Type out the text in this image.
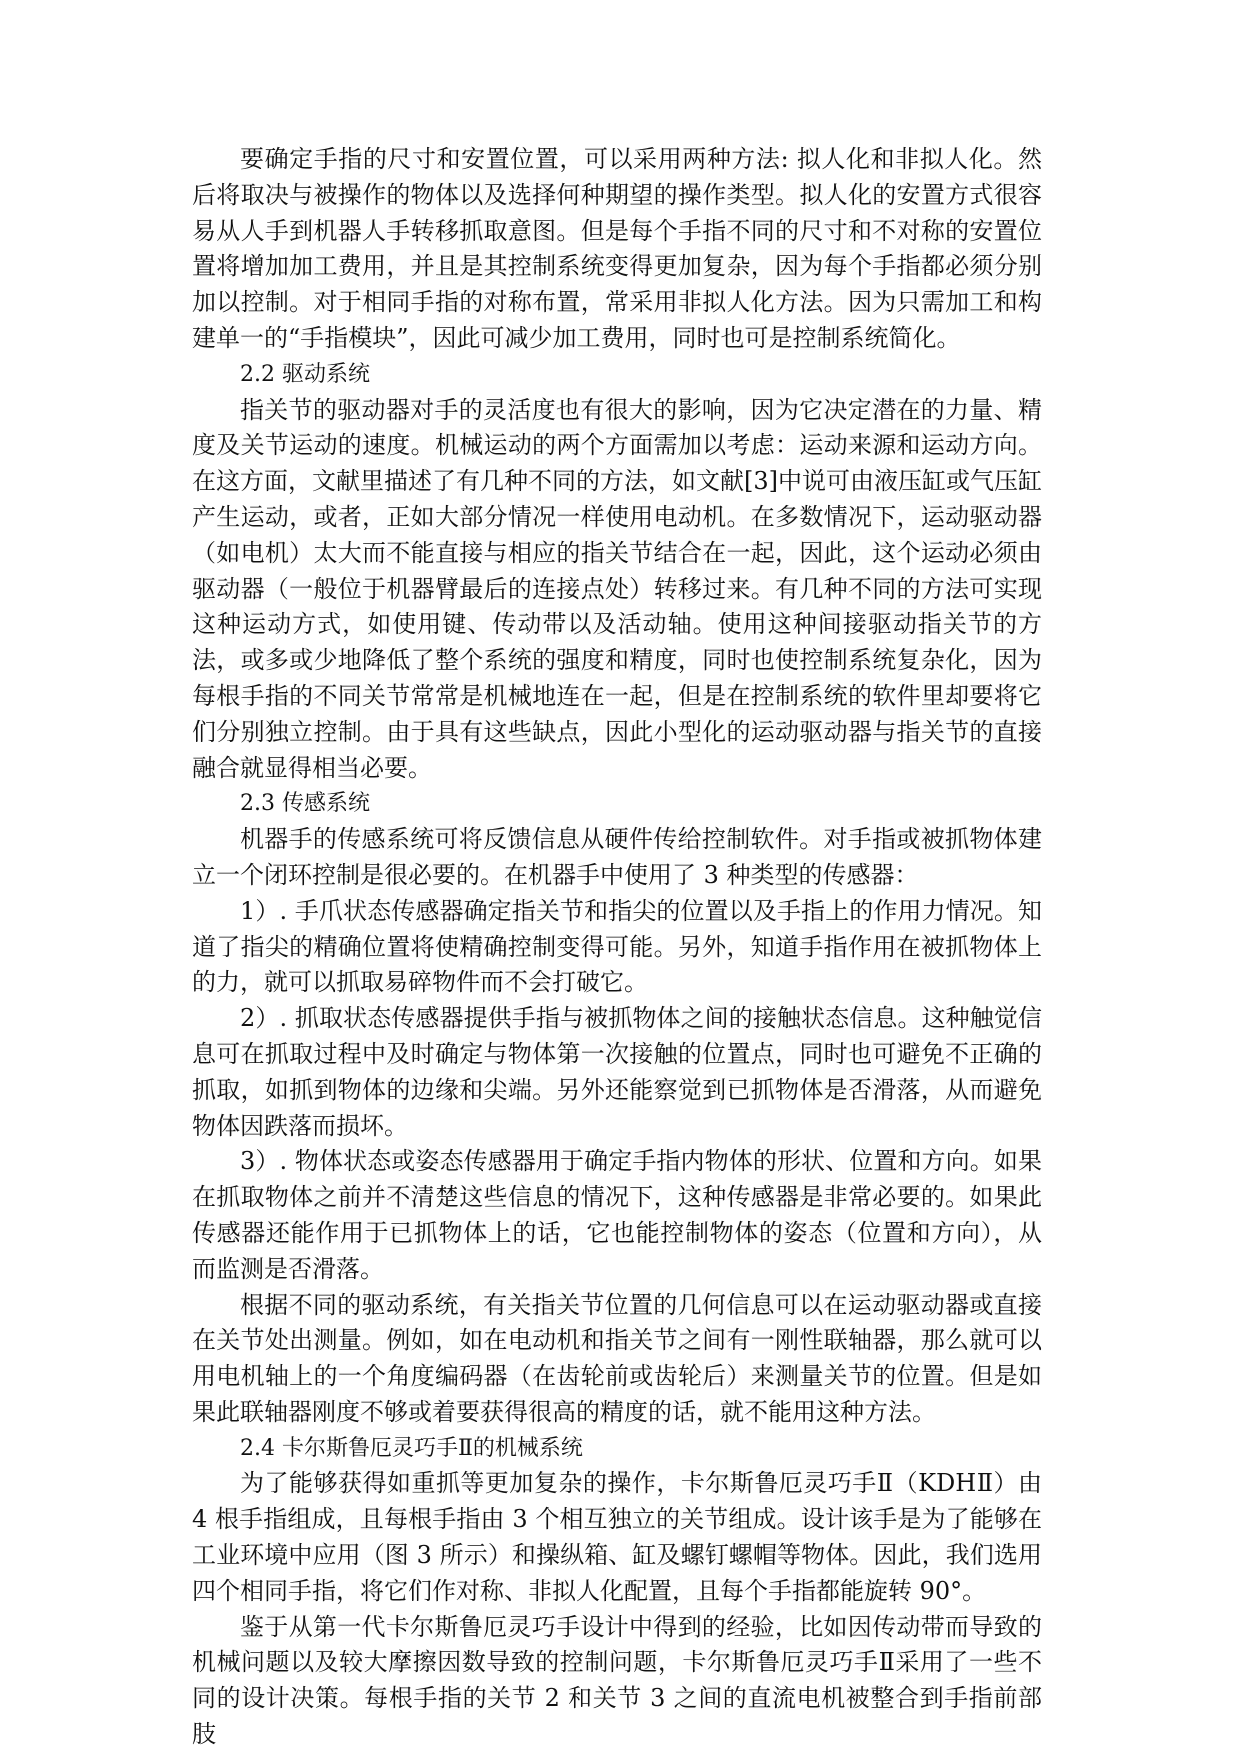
要确定手指的尺寸和安置位置，可以采用两种方法: 拟人化和非拟人化。然后将取决与被操作的物体以及选择何种期望的操作类型。拟人化的安置方式很容易从人手到机器人手转移抓取意图。但是每个手指不同的尺寸和不对称的安置位置将增加加工费用，并且是其控制系统变得更加复杂，因为每个手指都必须分别加以控制。对于相同手指的对称布置，常采用非拟人化方法。因为只需加工和构建单一的“手指模块”，因此可减少加工费用，同时也可是控制系统简化。

2.2 驱动系统

指关节的驱动器对手的灵活度也有很大的影响，因为它决定潜在的力量、精度及关节运动的速度。机械运动的两个方面需加以考虑：运动来源和运动方向。在这方面，文献里描述了有几种不同的方法，如文献[3]中说可由液压缸或气压缸产生运动，或者，正如大部分情况一样使用电动机。在多数情况下，运动驱动器（如电机）太大而不能直接与相应的指关节结合在一起，因此，这个运动必须由驱动器（一般位于机器臂最后的连接点处）转移过来。有几种不同的方法可实现这种运动方式，如使用键、传动带以及活动轴。使用这种间接驱动指关节的方法，或多或少地降低了整个系统的强度和精度，同时也使控制系统复杂化，因为每根手指的不同关节常常是机械地连在一起，但是在控制系统的软件里却要将它们分别独立控制。由于具有这些缺点，因此小型化的运动驱动器与指关节的直接融合就显得相当必要。

2.3 传感系统

机器手的传感系统可将反馈信息从硬件传给控制软件。对手指或被抓物体建立一个闭环控制是很必要的。在机器手中使用了 3 种类型的传感器：

1）. 手爪状态传感器确定指关节和指尖的位置以及手指上的作用力情况。知道了指尖的精确位置将使精确控制变得可能。另外，知道手指作用在被抓物体上的力，就可以抓取易碎物件而不会打破它。

2）. 抓取状态传感器提供手指与被抓物体之间的接触状态信息。这种触觉信息可在抓取过程中及时确定与物体第一次接触的位置点，同时也可避免不正确的抓取，如抓到物体的边缘和尖端。另外还能察觉到已抓物体是否滑落，从而避免物体因跌落而损坏。

3）. 物体状态或姿态传感器用于确定手指内物体的形状、位置和方向。如果在抓取物体之前并不清楚这些信息的情况下，这种传感器是非常必要的。如果此传感器还能作用于已抓物体上的话，它也能控制物体的姿态（位置和方向），从而监测是否滑落。

根据不同的驱动系统，有关指关节位置的几何信息可以在运动驱动器或直接在关节处出测量。例如，如在电动机和指关节之间有一刚性联轴器，那么就可以用电机轴上的一个角度编码器（在齿轮前或齿轮后）来测量关节的位置。但是如果此联轴器刚度不够或着要获得很高的精度的话，就不能用这种方法。

2.4 卡尔斯鲁厄灵巧手Ⅱ的机械系统

为了能够获得如重抓等更加复杂的操作，卡尔斯鲁厄灵巧手Ⅱ（KDHⅡ）由 4 根手指组成，且每根手指由 3 个相互独立的关节组成。设计该手是为了能够在工业环境中应用（图 3 所示）和操纵箱、缸及螺钉螺帽等物体。因此，我们选用四个相同手指，将它们作对称、非拟人化配置，且每个手指都能旋转 90°。

鉴于从第一代卡尔斯鲁厄灵巧手设计中得到的经验，比如因传动带而导致的机械问题以及较大摩擦因数导致的控制问题，卡尔斯鲁厄灵巧手Ⅱ采用了一些不同的设计决策。每根手指的关节 2 和关节 3 之间的直流电机被整合到手指前部肢
